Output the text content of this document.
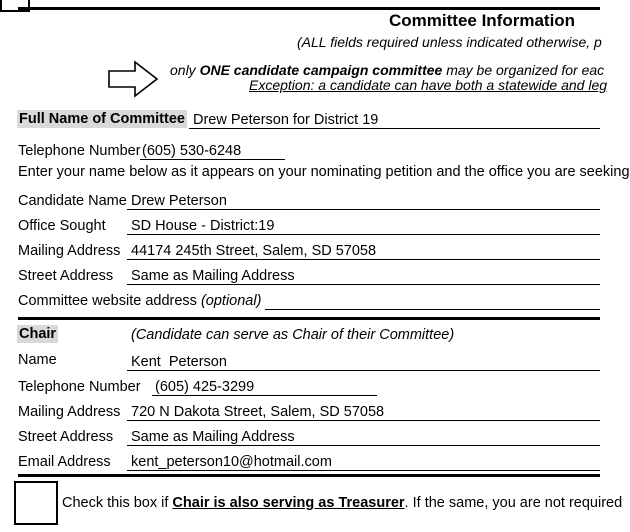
Committee Information
(ALL fields required unless indicated otherwise, p
only ONE candidate campaign committee may be organized for eac
Exception: a candidate can have both a statewide and leg
Full Name of Committee Drew Peterson for District 19
Telephone Number (605) 530-6248
Enter your name below as it appears on your nominating petition and the office you are seeking
Candidate Name Drew Peterson
Office Sought SD House - District:19
Mailing Address 44174 245th Street, Salem, SD 57058
Street Address Same as Mailing Address
Committee website address (optional)
Chair	(Candidate can serve as Chair of their Committee)
Name	Kent  Peterson
Telephone Number (605) 425-3299
Mailing Address 720 N Dakota Street, Salem, SD 57058
Street Address Same as Mailing Address
Email Address kent_peterson10@hotmail.com
Check this box if Chair is also serving as Treasurer. If the same, you are not required
